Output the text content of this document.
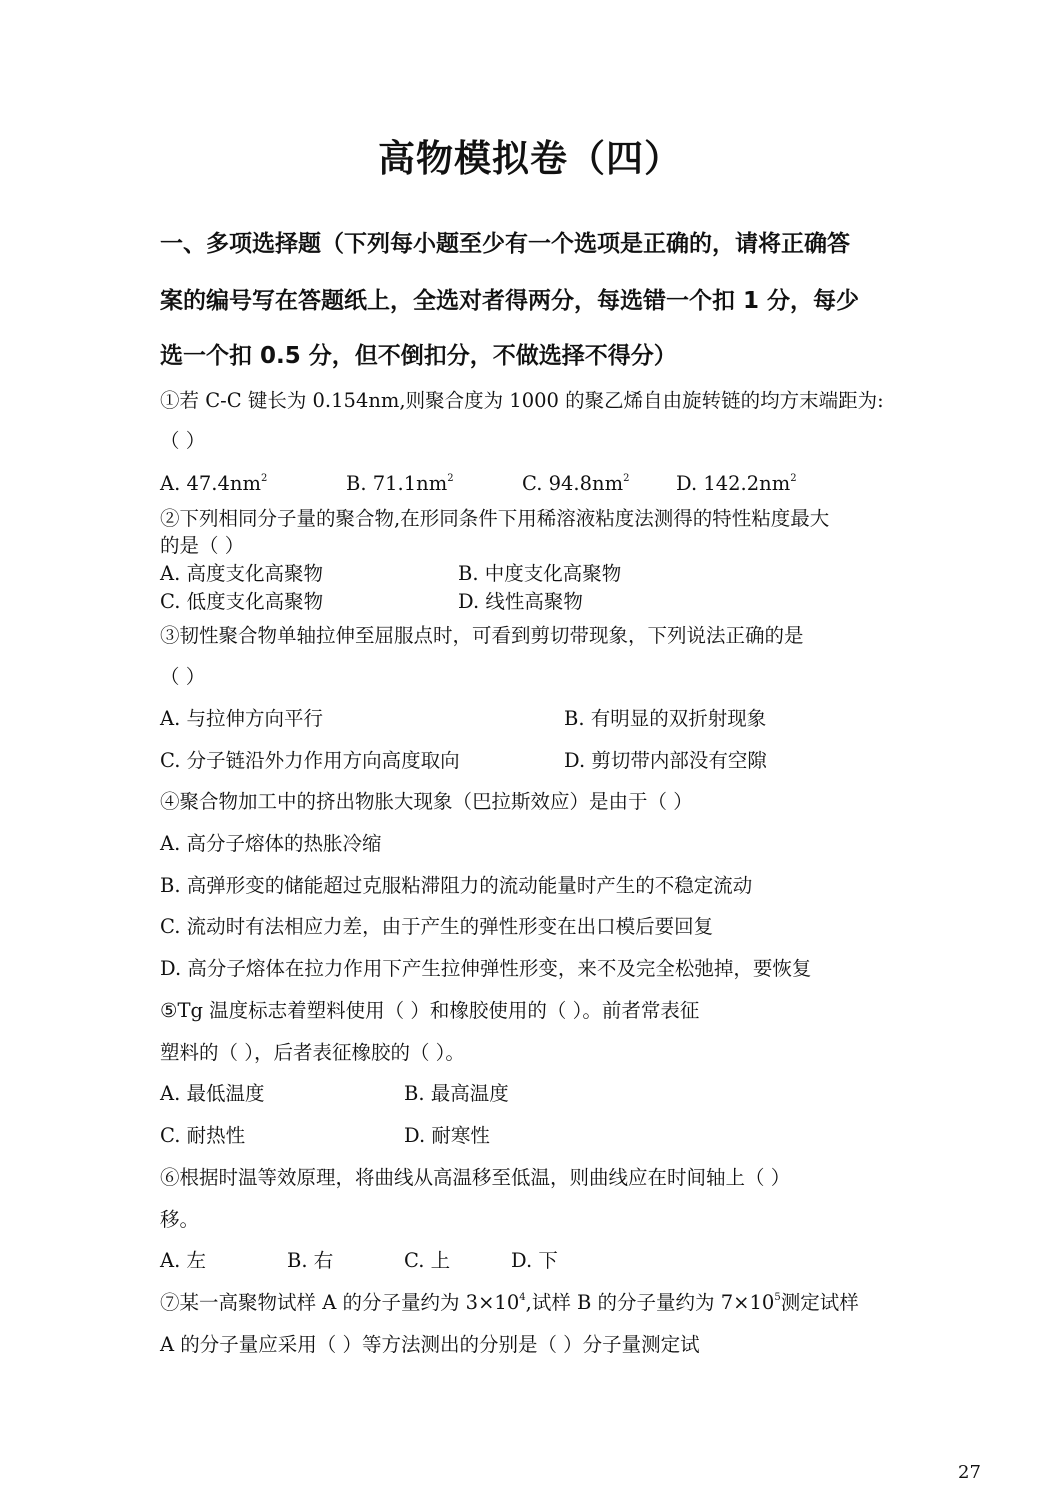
高物模拟卷（四）
一、多项选择题（下列每小题至少有一个选项是正确的，请将正确答
案的编号写在答题纸上，全选对者得两分，每选错一个扣 1 分，每少
选一个扣 0.5 分，但不倒扣分，不做选择不得分）
①若 C-C 键长为 0.154nm,则聚合度为 1000 的聚乙烯自由旋转链的均方末端距为:
（ ）
A. $47.4nm^2$	B. $71.1nm^2$	C. $94.8nm^2$ D. $142.2nm^2$
②下列相同分子量的聚合物,在形同条件下用稀溶液粘度法测得的特性粘度最大
的是（ ）
A. 高度支化高聚物	B. 中度支化高聚物
C. 低度支化高聚物	D. 线性高聚物
③韧性聚合物单轴拉伸至屈服点时，可看到剪切带现象，下列说法正确的是
（ ）
A. 与拉伸方向平行	B. 有明显的双折射现象
C. 分子链沿外力作用方向高度取向	D. 剪切带内部没有空隙
④聚合物加工中的挤出物胀大现象（巴拉斯效应）是由于（ ）
A. 高分子熔体的热胀冷缩
B. 高弹形变的储能超过克服粘滞阻力的流动能量时产生的不稳定流动
C. 流动时有法相应力差，由于产生的弹性形变在出口模后要回复
D. 高分子熔体在拉力作用下产生拉伸弹性形变，来不及完全松弛掉，要恢复
⑤Tg 温度标志着塑料使用（ ）和橡胶使用的（ ）。前者常表征
塑料的（ ），后者表征橡胶的（ ）。
A. 最低温度	B. 最高温度
C. 耐热性	D. 耐寒性
⑥根据时温等效原理，将曲线从高温移至低温，则曲线应在时间轴上（ ）
移。
A. 左	B. 右	C. 上	D. 下
⑦某一高聚物试样 A 的分子量约为 $3\times 10^4$,试样 B 的分子量约为 $7\times 10^5$测定试样
A 的分子量应采用（ ）等方法测出的分别是（ ）分子量测定试
27
